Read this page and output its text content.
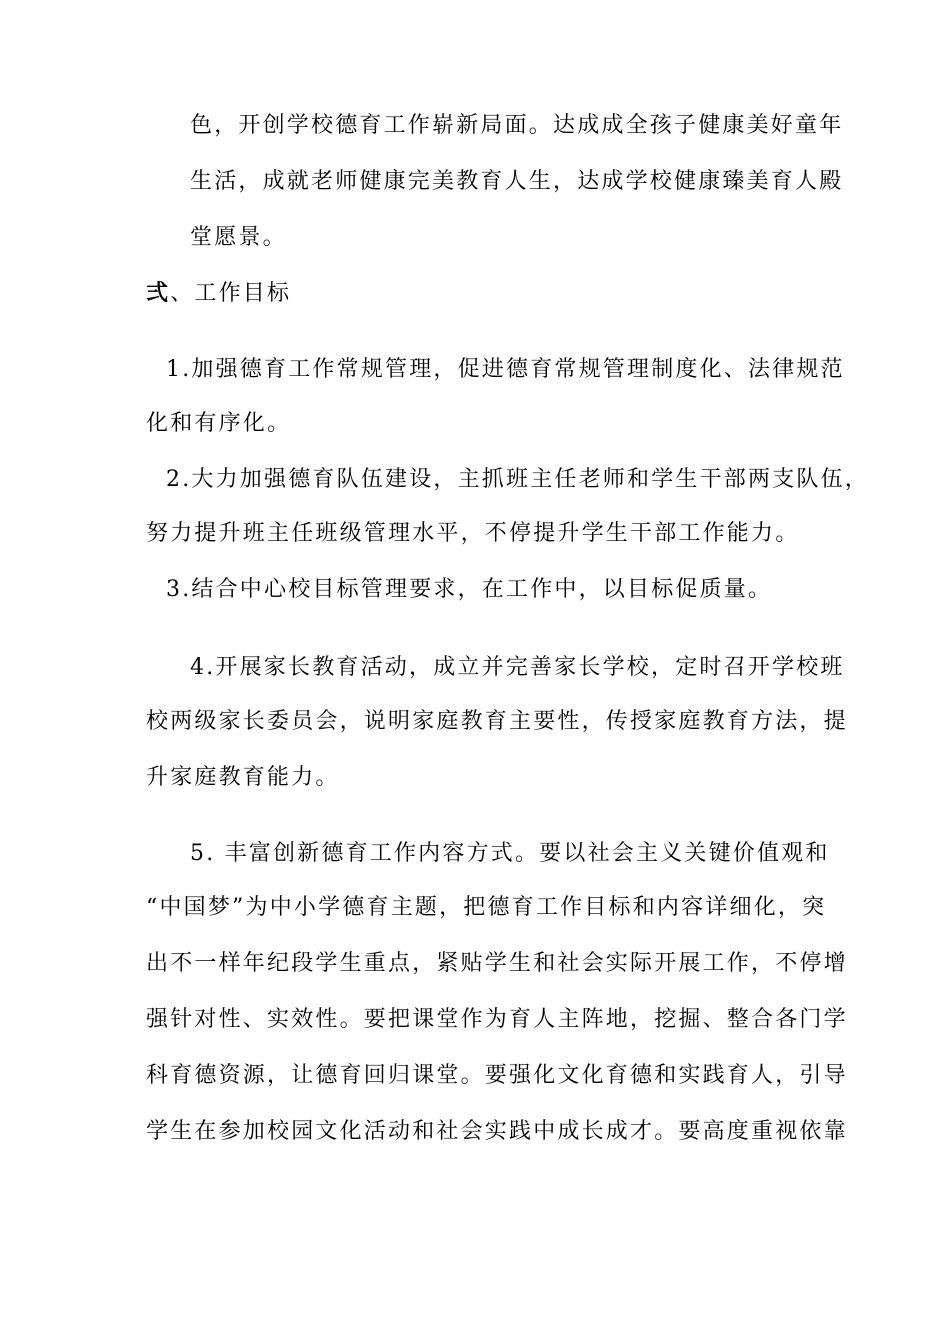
色，开创学校德育工作崭新局面。达成成全孩子健康美好童年
生活，成就老师健康完美教育人生，达成学校健康臻美育人殿
堂愿景。
弍、工作目标
1.加强德育工作常规管理，促进德育常规管理制度化、法律规范
化和有序化。
2.大力加强德育队伍建设，主抓班主任老师和学生干部两支队伍，
努力提升班主任班级管理水平，不停提升学生干部工作能力。
3.结合中心校目标管理要求，在工作中，以目标促质量。
4.开展家长教育活动，成立并完善家长学校，定时召开学校班
校两级家长委员会，说明家庭教育主要性，传授家庭教育方法，提
升家庭教育能力。
5. 丰富创新德育工作内容方式。要以社会主义关键价值观和
“中国梦”为中小学德育主题，把德育工作目标和内容详细化，突
出不一样年纪段学生重点，紧贴学生和社会实际开展工作，不停增
强针对性、实效性。要把课堂作为育人主阵地，挖掘、整合各门学
科育德资源，让德育回归课堂。要强化文化育德和实践育人，引导
学生在参加校园文化活动和社会实践中成长成才。要高度重视依靠
